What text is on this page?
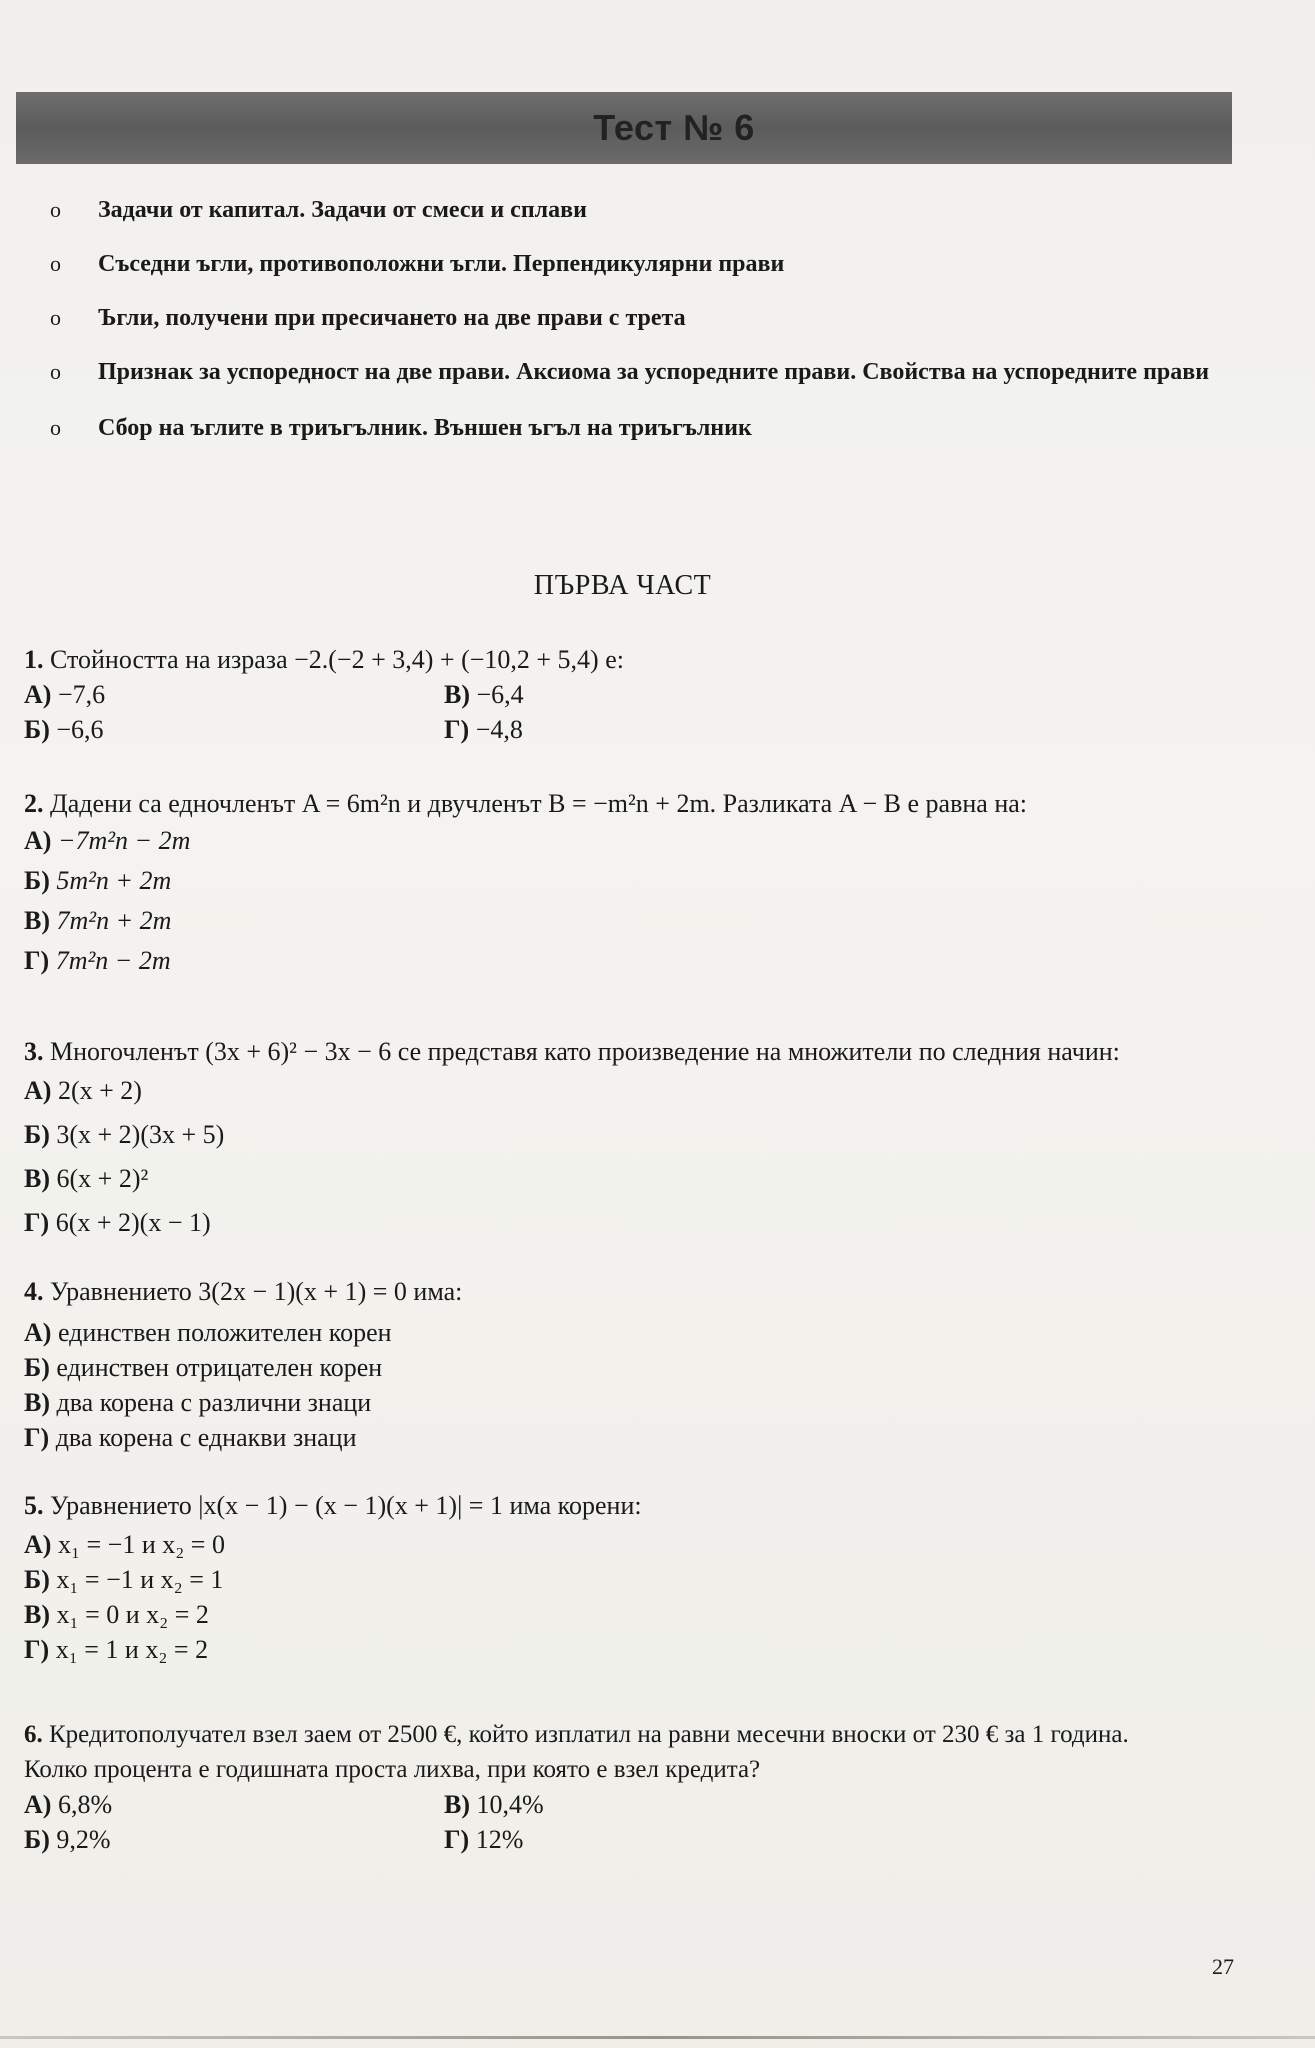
Тест № 6
o	Задачи от капитал. Задачи от смеси и сплави
o	Съседни ъгли, противоположни ъгли. Перпендикулярни прави
o	Ъгли, получени при пресичането на две прави с трета
o	Признак за успоредност на две прави. Аксиома за успоредните прави. Свойства на успоредните прави
o	Сбор на ъглите в триъгълник. Външен ъгъл на триъгълник
ПЪРВА ЧАСТ
1. Стойността на израза −2.(−2 + 3,4) + (−10,2 + 5,4) е:
А) −7,6	В) −6,4
Б) −6,6	Г) −4,8
2. Дадени са едночленът A = 6m²n и двучленът B = −m²n + 2m. Разликата A − B е равна на:
А) −7m²n − 2m
Б) 5m²n + 2m
В) 7m²n + 2m
Г) 7m²n − 2m
3. Многочленът (3x + 6)² − 3x − 6 се представя като произведение на множители по следния начин:
А) 2(x + 2)
Б) 3(x + 2)(3x + 5)
В) 6(x + 2)²
Г) 6(x + 2)(x − 1)
4. Уравнението 3(2x − 1)(x + 1) = 0 има:
А) единствен положителен корен
Б) единствен отрицателен корен
В) два корена с различни знаци
Г) два корена с еднакви знаци
5. Уравнението |x(x − 1) − (x − 1)(x + 1)| = 1 има корени:
А) x₁ = −1 и x₂ = 0
Б) x₁ = −1 и x₂ = 1
В) x₁ = 0 и x₂ = 2
Г) x₁ = 1 и x₂ = 2
6. Кредитополучател взел заем от 2500 €, който изплатил на равни месечни вноски от 230 € за 1 година.
Колко процента е годишната проста лихва, при която е взел кредита?
А) 6,8%	В) 10,4%
Б) 9,2%	Г) 12%
27
